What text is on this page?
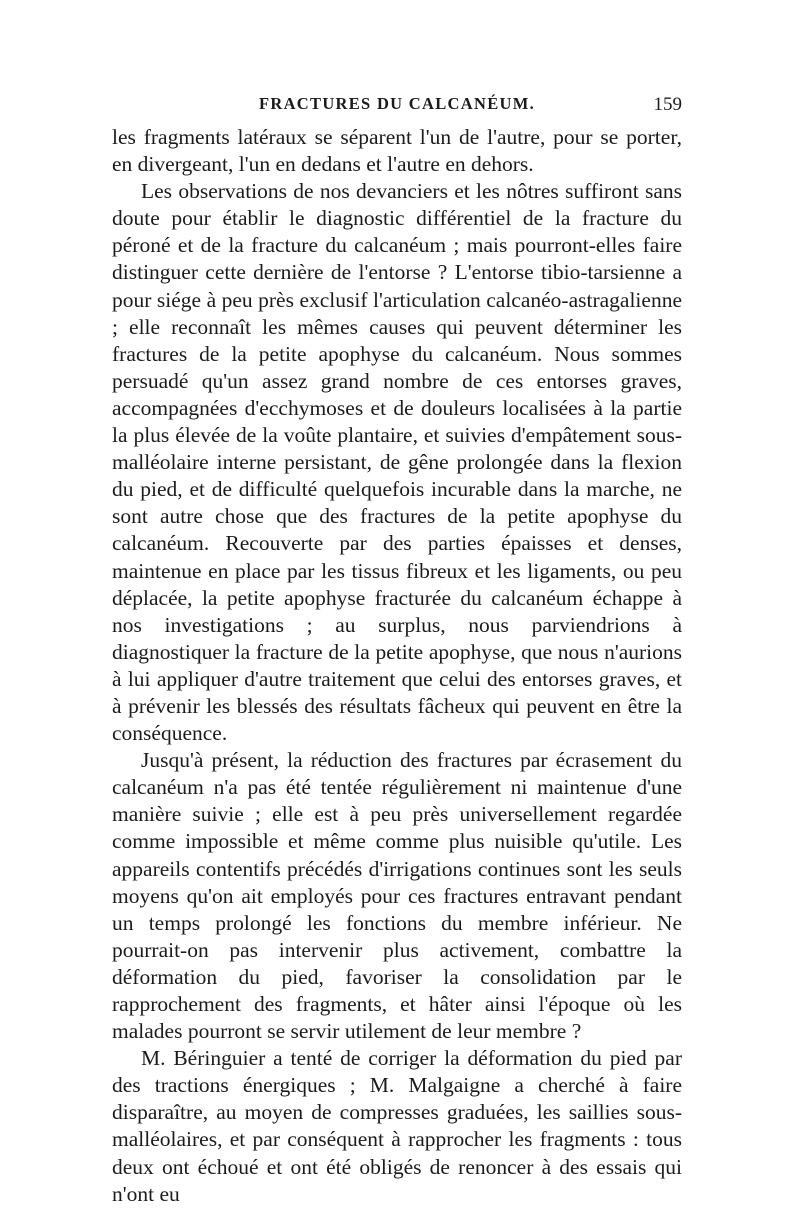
FRACTURES DU CALCANÉUM.	159

les fragments latéraux se séparent l'un de l'autre, pour se porter, en divergeant, l'un en dedans et l'autre en dehors.

Les observations de nos devanciers et les nôtres suffiront sans doute pour établir le diagnostic différentiel de la fracture du péroné et de la fracture du calcanéum ; mais pourront-elles faire distinguer cette dernière de l'entorse ? L'entorse tibio-tarsienne a pour siége à peu près exclusif l'articulation calcanéo-astragalienne ; elle reconnaît les mêmes causes qui peuvent déterminer les fractures de la petite apophyse du calcanéum. Nous sommes persuadé qu'un assez grand nombre de ces entorses graves, accompagnées d'ecchymoses et de douleurs localisées à la partie la plus élevée de la voûte plantaire, et suivies d'empâtement sous-malléolaire interne persistant, de gêne prolongée dans la flexion du pied, et de difficulté quelquefois incurable dans la marche, ne sont autre chose que des fractures de la petite apophyse du calcanéum. Recouverte par des parties épaisses et denses, maintenue en place par les tissus fibreux et les ligaments, ou peu déplacée, la petite apophyse fracturée du calcanéum échappe à nos investigations ; au surplus, nous parviendrions à diagnostiquer la fracture de la petite apophyse, que nous n'aurions à lui appliquer d'autre traitement que celui des entorses graves, et à prévenir les blessés des résultats fâcheux qui peuvent en être la conséquence.

Jusqu'à présent, la réduction des fractures par écrasement du calcanéum n'a pas été tentée régulièrement ni maintenue d'une manière suivie ; elle est à peu près universellement regardée comme impossible et même comme plus nuisible qu'utile. Les appareils contentifs précédés d'irrigations continues sont les seuls moyens qu'on ait employés pour ces fractures entravant pendant un temps prolongé les fonctions du membre inférieur. Ne pourrait-on pas intervenir plus activement, combattre la déformation du pied, favoriser la consolidation par le rapprochement des fragments, et hâter ainsi l'époque où les malades pourront se servir utilement de leur membre ?

M. Béringuier a tenté de corriger la déformation du pied par des tractions énergiques ; M. Malgaigne a cherché à faire disparaître, au moyen de compresses graduées, les saillies sous-malléolaires, et par conséquent à rapprocher les fragments : tous deux ont échoué et ont été obligés de renoncer à des essais qui n'ont eu
